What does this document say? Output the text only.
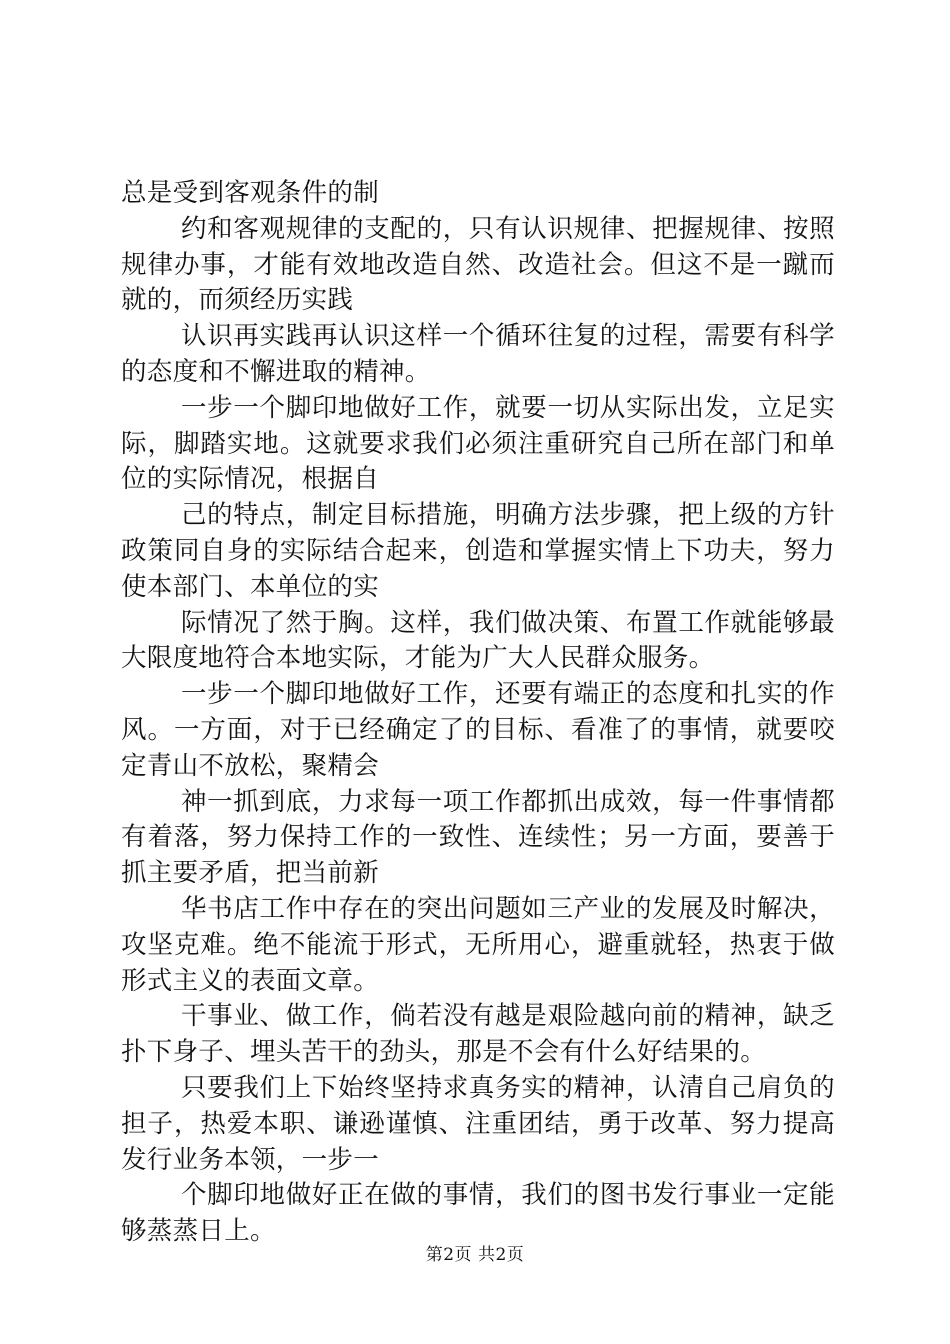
总是受到客观条件的制

约和客观规律的支配的，只有认识规律、把握规律、按照规律办事，才能有效地改造自然、改造社会。但这不是一蹴而就的，而须经历实践

认识再实践再认识这样一个循环往复的过程，需要有科学的态度和不懈进取的精神。

一步一个脚印地做好工作，就要一切从实际出发，立足实际，脚踏实地。这就要求我们必须注重研究自己所在部门和单位的实际情况，根据自

己的特点，制定目标措施，明确方法步骤，把上级的方针政策同自身的实际结合起来，创造和掌握实情上下功夫，努力使本部门、本单位的实

际情况了然于胸。这样，我们做决策、布置工作就能够最大限度地符合本地实际，才能为广大人民群众服务。

一步一个脚印地做好工作，还要有端正的态度和扎实的作风。一方面，对于已经确定了的目标、看准了的事情，就要咬定青山不放松，聚精会

神一抓到底，力求每一项工作都抓出成效，每一件事情都有着落，努力保持工作的一致性、连续性；另一方面，要善于抓主要矛盾，把当前新

华书店工作中存在的突出问题如三产业的发展及时解决，攻坚克难。绝不能流于形式，无所用心，避重就轻，热衷于做形式主义的表面文章。

干事业、做工作，倘若没有越是艰险越向前的精神，缺乏扑下身子、埋头苦干的劲头，那是不会有什么好结果的。

只要我们上下始终坚持求真务实的精神，认清自己肩负的担子，热爱本职、谦逊谨慎、注重团结，勇于改革、努力提高发行业务本领，一步一

个脚印地做好正在做的事情，我们的图书发行事业一定能够蒸蒸日上。

第2页 共2页
